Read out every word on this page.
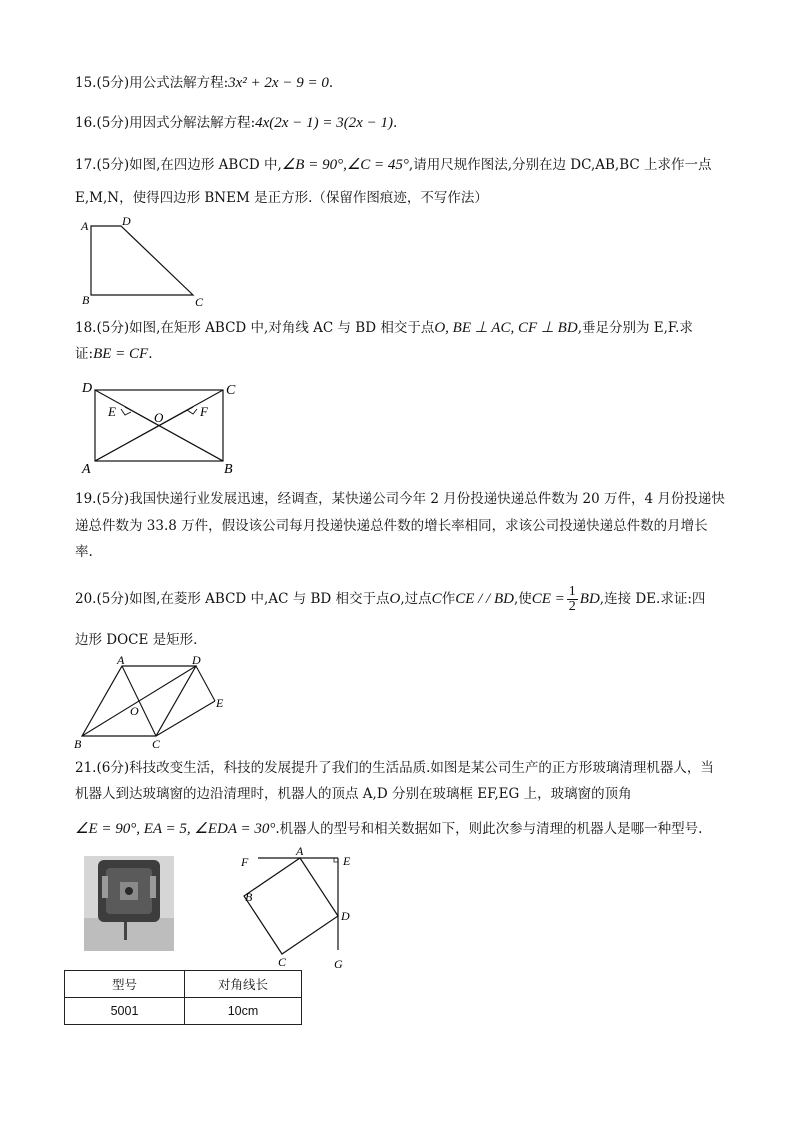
15.(5分)用公式法解方程:3x² + 2x − 9 = 0.
16.(5分)用因式分解法解方程:4x(2x − 1) = 3(2x − 1).
17.(5分)如图,在四边形 ABCD 中,∠B = 90°,∠C = 45°,请用尺规作图法,分别在边 DC,AB,BC 上求作一点
E,M,N，使得四边形 BNEM 是正方形.（保留作图痕迹，不写作法）
A	D
B	C
18.(5分)如图,在矩形 ABCD 中,对角线 AC 与 BD 相交于点O, BE ⊥ AC, CF ⊥ BD,垂足分别为 E,F.求
证:BE = CF.
D	C
A	B
E	F
O
19.(5分)我国快递行业发展迅速，经调查，某快递公司今年 2 月份投递快递总件数为 20 万件，4 月份投递快
递总件数为 33.8 万件，假设该公司每月投递快递总件数的增长率相同，求该公司投递快递总件数的月增长
率.
20.(5分)如图,在菱形 ABCD 中,AC 与 BD 相交于点O,过点C作CE / / BD,使CE = $\frac{1}{2}$ BD,连接 DE.求证:四
边形 DOCE 是矩形.
A	D
E
B	C
O
21.(6分)科技改变生活，科技的发展提升了我们的生活品质.如图是某公司生产的正方形玻璃清理机器人，当
机器人到达玻璃窗的边沿清理时，机器人的顶点 A,D 分别在玻璃框 EF,EG 上，玻璃窗的顶角
∠E = 90°, EA = 5, ∠EDA = 30°.机器人的型号和相关数据如下，则此次参与清理的机器人是哪一种型号.
F
A
E
B
D
C	G
型号	对角线长
5001	10cm
